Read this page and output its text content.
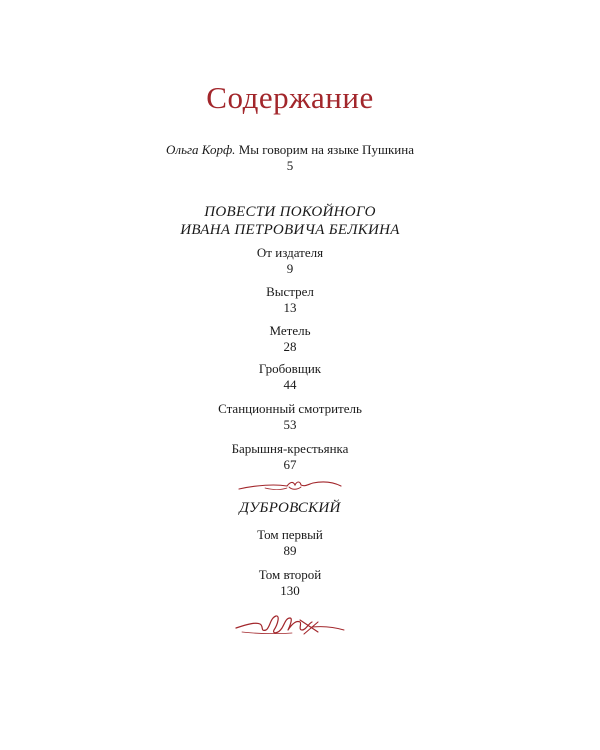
Содержание
Ольга Корф. Мы говорим на языке Пушкина
5
ПОВЕСТИ ПОКОЙНОГО
ИВАНА ПЕТРОВИЧА БЕЛКИНА
От издателя
9
Выстрел
13
Метель
28
Гробовщик
44
Станционный смотритель
53
Барышня-крестьянка
67
ДУБРОВСКИЙ
Том первый
89
Том второй
130
